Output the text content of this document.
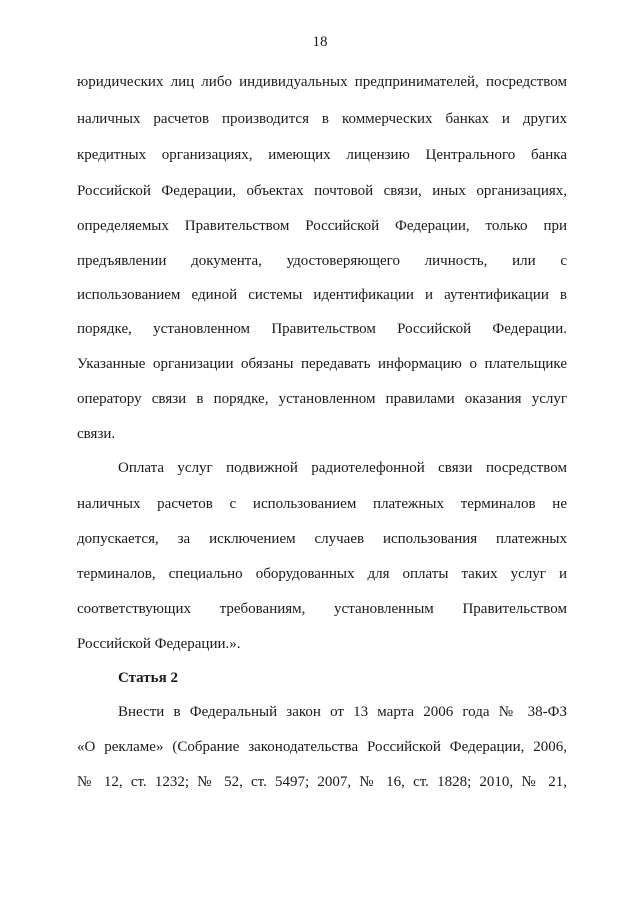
18
юридических лиц либо индивидуальных предпринимателей, посредством
наличных расчетов производится в коммерческих банках и других
кредитных организациях, имеющих лицензию Центрального банка
Российской Федерации, объектах почтовой связи, иных организациях,
определяемых Правительством Российской Федерации, только при
предъявлении документа, удостоверяющего личность, или с
использованием единой системы идентификации и аутентификации в
порядке, установленном Правительством Российской Федерации.
Указанные организации обязаны передавать информацию о плательщике
оператору связи в порядке, установленном правилами оказания услуг
связи.
Оплата услуг подвижной радиотелефонной связи посредством
наличных расчетов с использованием платежных терминалов не
допускается, за исключением случаев использования платежных
терминалов, специально оборудованных для оплаты таких услуг и
соответствующих требованиям, установленным Правительством
Российской Федерации.».
Статья 2
Внести в Федеральный закон от 13 марта 2006 года № 38-ФЗ
«О рекламе» (Собрание законодательства Российской Федерации, 2006,
№ 12, ст. 1232; № 52, ст. 5497; 2007, № 16, ст. 1828; 2010, № 21,
